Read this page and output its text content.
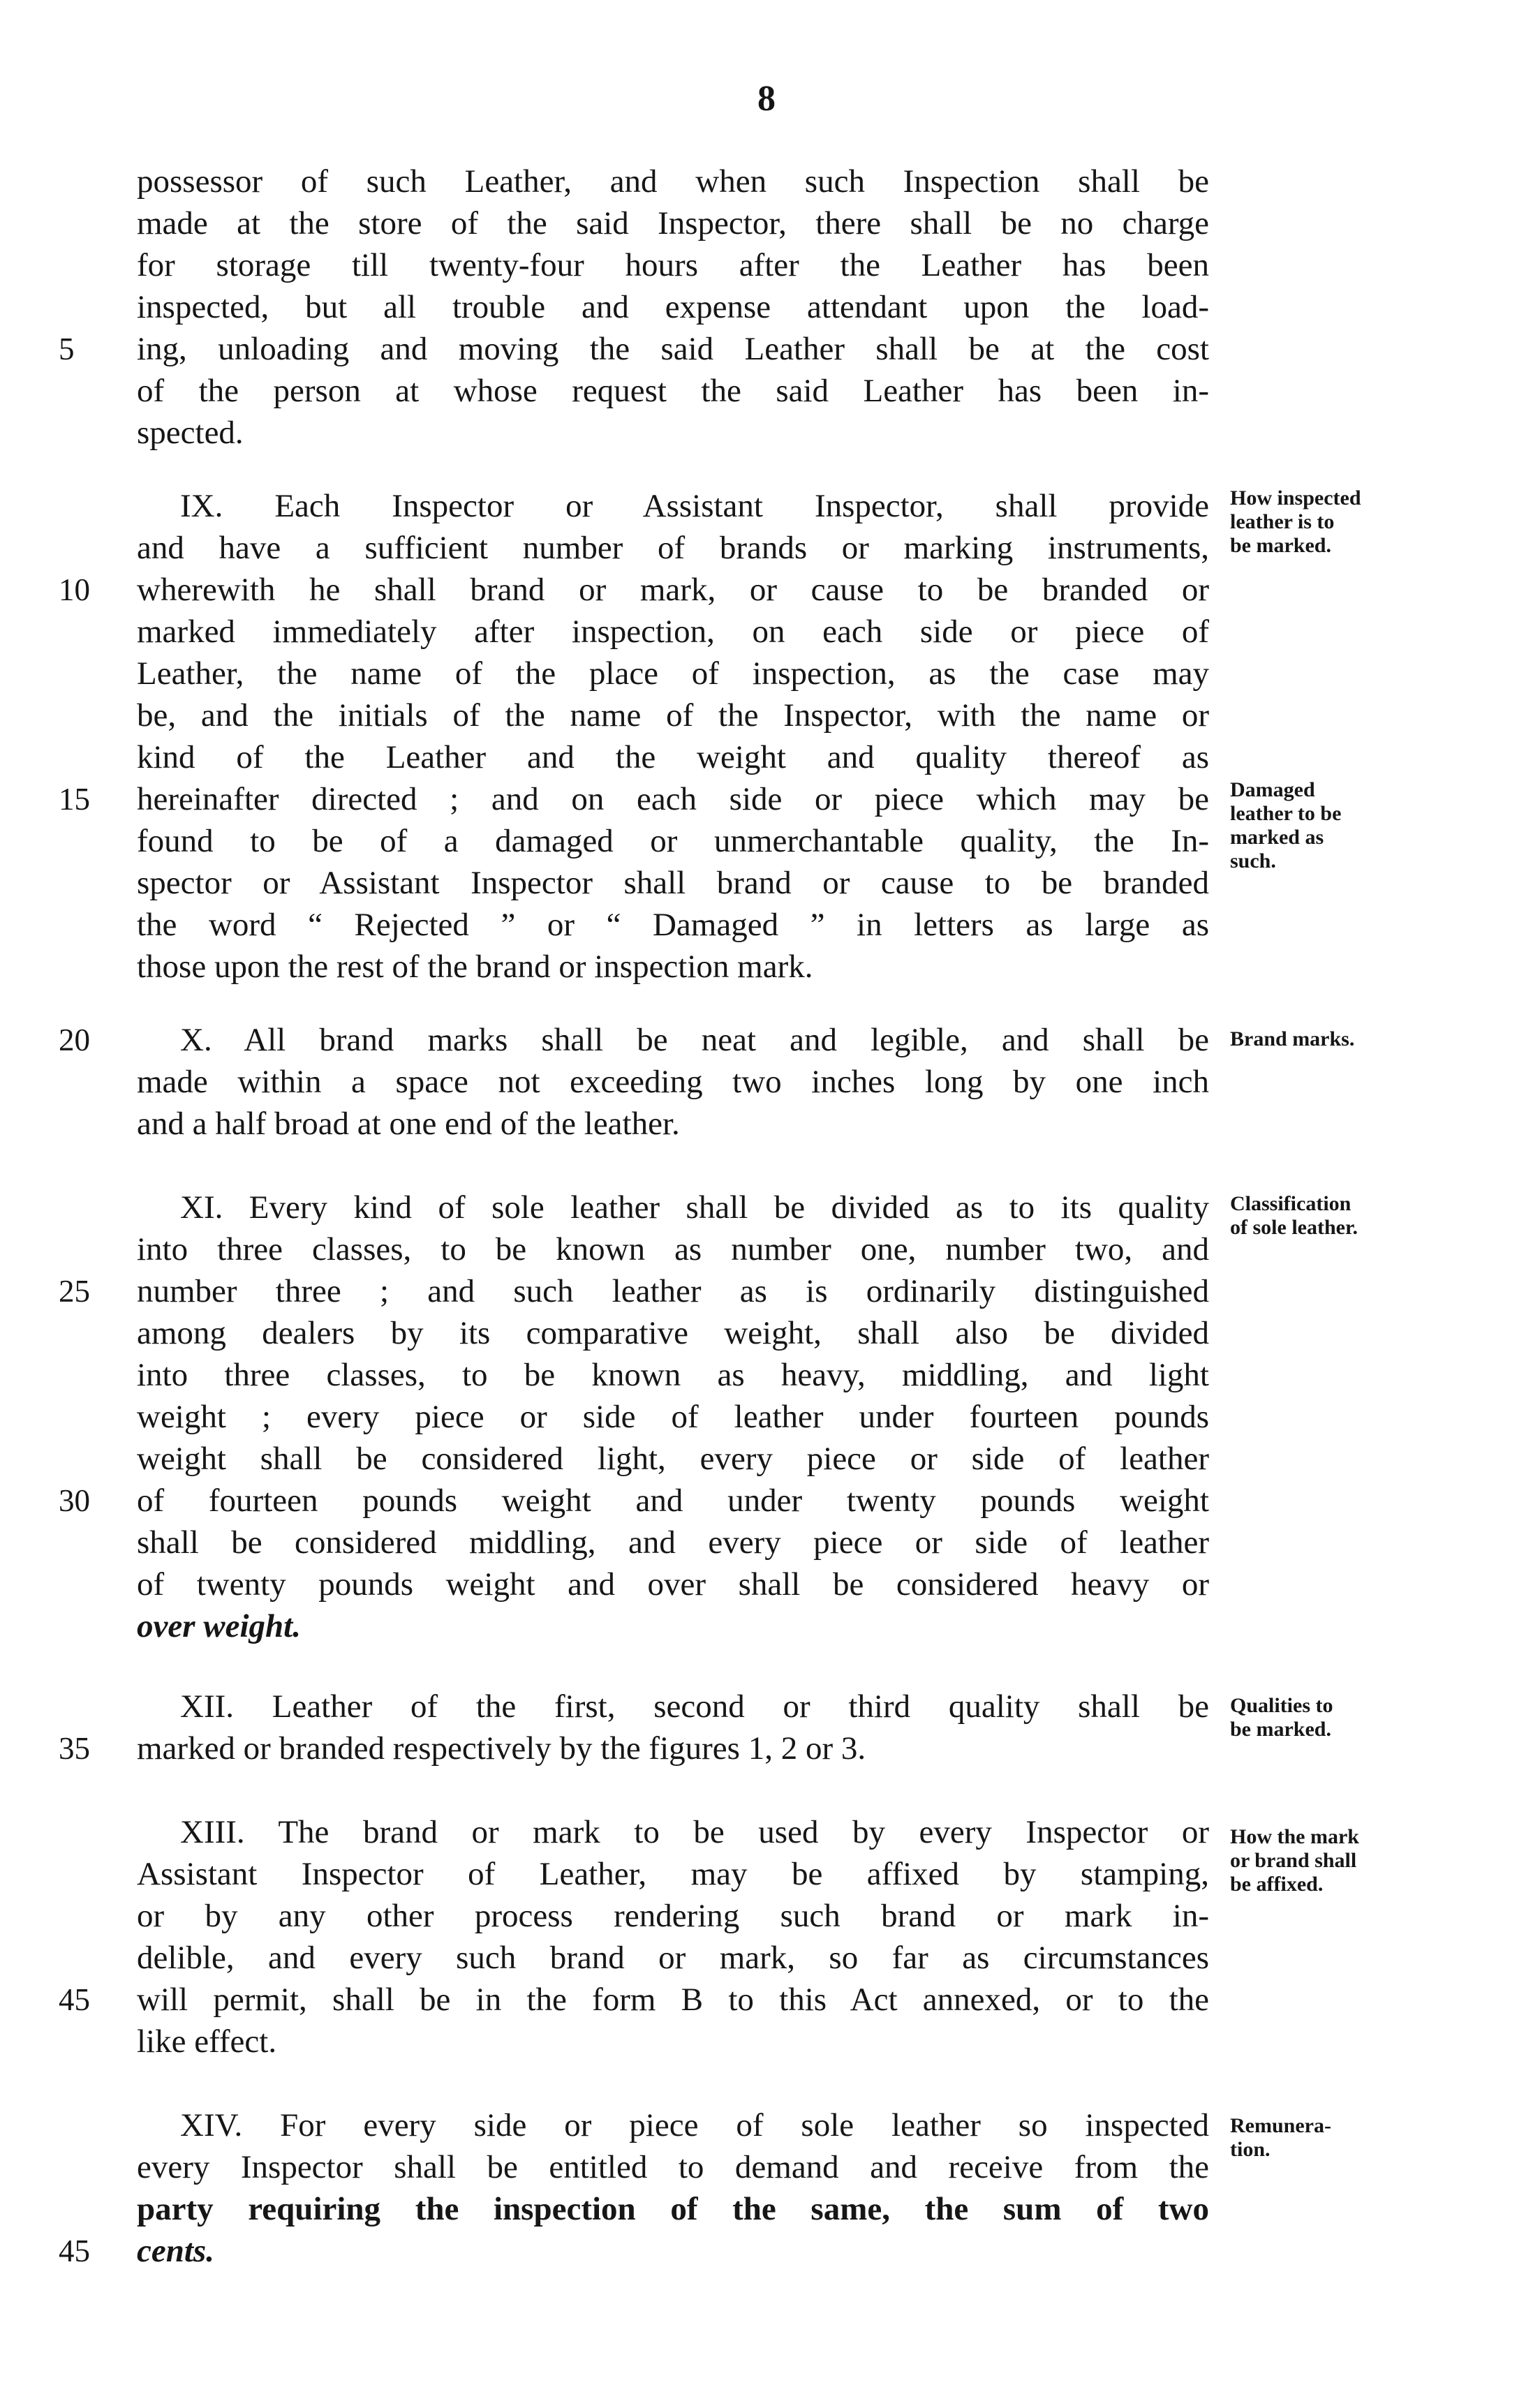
8
possessor of such Leather, and when such Inspection shall be
made at the store of the said Inspector, there shall be no charge
for storage till twenty-four hours after the Leather has been
inspected, but all trouble and expense attendant upon the load-
5	ing, unloading and moving the said Leather shall be at the cost
of the person at whose request the said Leather has been in-
spected.
IX. Each Inspector or Assistant Inspector, shall provide
and have a sufficient number of brands or marking instruments,
10	wherewith he shall brand or mark, or cause to be branded or
marked immediately after inspection, on each side or piece of
Leather, the name of the place of inspection, as the case may
be, and the initials of the name of the Inspector, with the name or
kind of the Leather and the weight and quality thereof as
15	hereinafter directed ; and on each side or piece which may be
found to be of a damaged or unmerchantable quality, the In-
spector or Assistant Inspector shall brand or cause to be branded
the word “ Rejected ” or “ Damaged ” in letters as large as
those upon the rest of the brand or inspection mark.
How inspected
leather is to
be marked.
Damaged
leather to be
marked as
such.
20	X. All brand marks shall be neat and legible, and shall be
made within a space not exceeding two inches long by one inch
and a half broad at one end of the leather.
Brand marks.
XI. Every kind of sole leather shall be divided as to its quality
into three classes, to be known as number one, number two, and
25	number three ; and such leather as is ordinarily distinguished
among dealers by its comparative weight, shall also be divided
into three classes, to be known as heavy, middling, and light
weight ; every piece or side of leather under fourteen pounds
weight shall be considered light, every piece or side of leather
30	of fourteen pounds weight and under twenty pounds weight
shall be considered middling, and every piece or side of leather
of twenty pounds weight and over shall be considered heavy or
over weight.
Classification
of sole leather.
XII. Leather of the first, second or third quality shall be
35	marked or branded respectively by the figures 1, 2 or 3.
Qualities to
be marked.
XIII. The brand or mark to be used by every Inspector or
Assistant Inspector of Leather, may be affixed by stamping,
or by any other process rendering such brand or mark in-
delible, and every such brand or mark, so far as circumstances
45	will permit, shall be in the form B to this Act annexed, or to the
like effect.
How the mark
or brand shall
be affixed.
XIV. For every side or piece of sole leather so inspected
every Inspector shall be entitled to demand and receive from the
party requiring the inspection of the same, the sum of two
45	cents.
Remunera-
tion.
